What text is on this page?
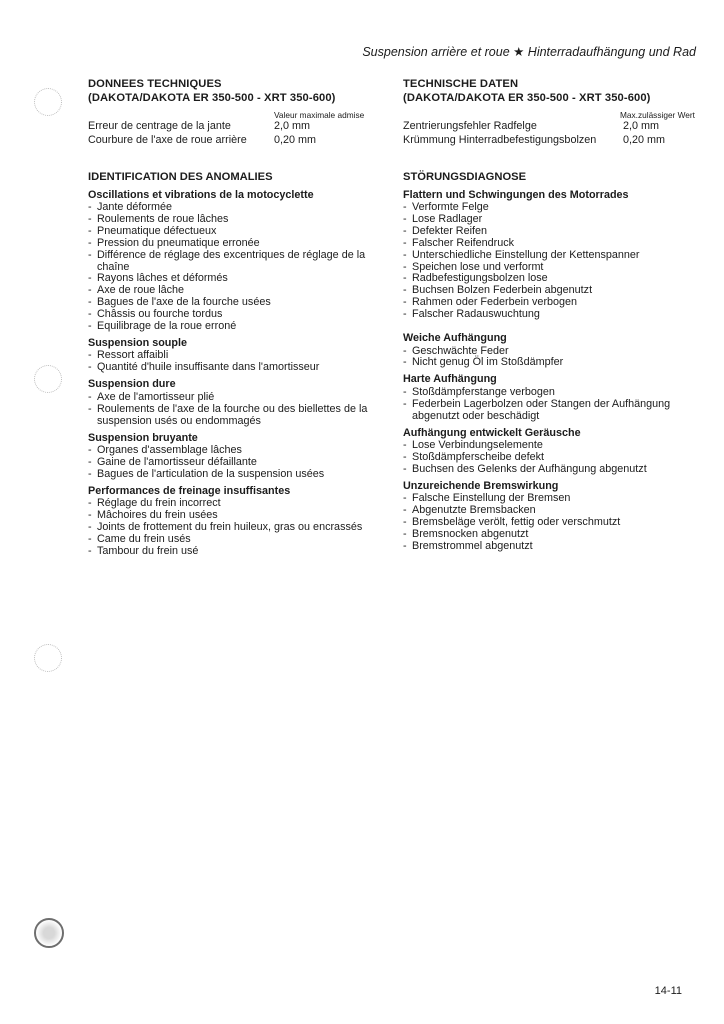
Suspension arrière et roue ★ Hinterradaufhängung und Rad
DONNEES TECHNIQUES
(DAKOTA/DAKOTA ER 350-500 - XRT 350-600)
Valeur maximale admise
Erreur de centrage de la jante	2,0 mm
Courbure de l'axe de roue arrière	0,20 mm
IDENTIFICATION DES ANOMALIES
Oscillations et vibrations de la motocyclette
- Jante déformée
- Roulements de roue lâches
- Pneumatique défectueux
- Pression du pneumatique erronée
- Différence de réglage des excentriques de réglage de la chaîne
- Rayons lâches et déformés
- Axe de roue lâche
- Bagues de l'axe de la fourche usées
- Châssis ou fourche tordus
- Equilibrage de la roue erroné
Suspension souple
- Ressort affaibli
- Quantité d'huile insuffisante dans l'amortisseur
Suspension dure
- Axe de l'amortisseur plié
- Roulements de l'axe de la fourche ou des biellettes de la suspension usés ou endommagés
Suspension bruyante
- Organes d'assemblage lâches
- Gaine de l'amortisseur défaillante
- Bagues de l'articulation de la suspension usées
Performances de freinage insuffisantes
- Réglage du frein incorrect
- Mâchoires du frein usées
- Joints de frottement du frein huileux, gras ou encrassés
- Came du frein usés
- Tambour du frein usé
TECHNISCHE DATEN
(DAKOTA/DAKOTA ER 350-500 - XRT 350-600)
Max.zulässiger Wert
Zentrierungsfehler Radfelge	2,0 mm
Krümmung Hinterradbefestigungsbolzen	0,20 mm
STÖRUNGSDIAGNOSE
Flattern und Schwingungen des Motorrades
- Verformte Felge
- Lose Radlager
- Defekter Reifen
- Falscher Reifendruck
- Unterschiedliche Einstellung der Kettenspanner
- Speichen lose und verformt
- Radbefestigungsbolzen lose
- Buchsen Bolzen Federbein abgenutzt
- Rahmen oder Federbein verbogen
- Falscher Radauswuchtung
Weiche Aufhängung
- Geschwächte Feder
- Nicht genug Öl im Stoßdämpfer
Harte Aufhängung
- Stoßdämpferstange verbogen
- Federbein Lagerbolzen oder Stangen der Aufhängung abgenutzt oder beschädigt
Aufhängung entwickelt Geräusche
- Lose Verbindungselemente
- Stoßdämpferscheibe defekt
- Buchsen des Gelenks der Aufhängung abgenutzt
Unzureichende Bremswirkung
- Falsche Einstellung der Bremsen
- Abgenutzte Bremsbacken
- Bremsbeläge verölt, fettig oder verschmutzt
- Bremsnocken abgenutzt
- Bremstrommel abgenutzt
14-11
